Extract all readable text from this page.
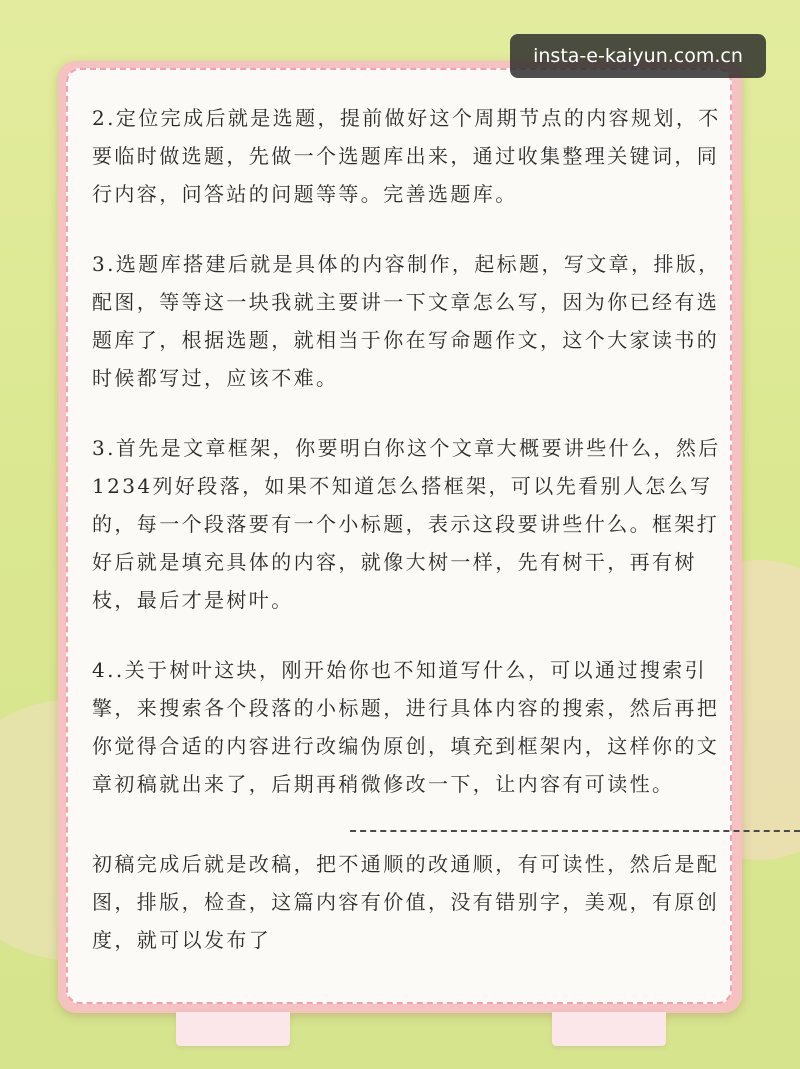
insta-e-kaiyun.com.cn

2.定位完成后就是选题，提前做好这个周期节点的内容规划，不要临时做选题，先做一个选题库出来，通过收集整理关键词，同行内容，问答站的问题等等。完善选题库。

3.选题库搭建后就是具体的内容制作，起标题，写文章，排版，配图，等等这一块我就主要讲一下文章怎么写，因为你已经有选题库了，根据选题，就相当于你在写命题作文，这个大家读书的时候都写过，应该不难。

3.首先是文章框架，你要明白你这个文章大概要讲些什么，然后1234列好段落，如果不知道怎么搭框架，可以先看别人怎么写的，每一个段落要有一个小标题，表示这段要讲些什么。框架打好后就是填充具体的内容，就像大树一样，先有树干，再有树枝，最后才是树叶。

4..关于树叶这块，刚开始你也不知道写什么，可以通过搜索引擎，来搜索各个段落的小标题，进行具体内容的搜索，然后再把你觉得合适的内容进行改编伪原创，填充到框架内，这样你的文章初稿就出来了，后期再稍微修改一下，让内容有可读性。

初稿完成后就是改稿，把不通顺的改通顺，有可读性，然后是配图，排版，检查，这篇内容有价值，没有错别字，美观，有原创度，就可以发布了
